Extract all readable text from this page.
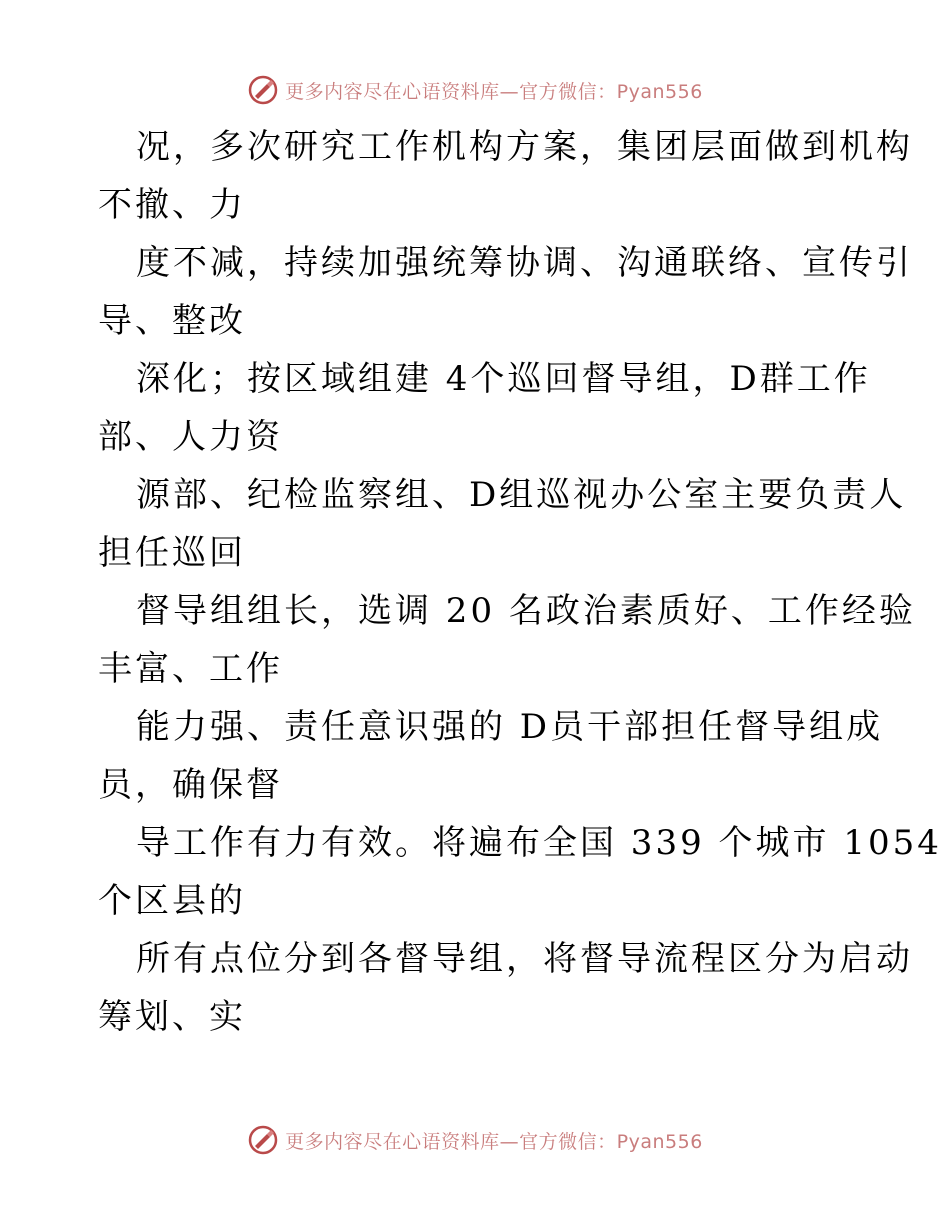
更多内容尽在心语资料库—官方微信：Pyan556
况，多次研究工作机构方案，集团层面做到机构
不撤、力
度不减，持续加强统筹协调、沟通联络、宣传引
导、整改
深化；按区域组建 4个巡回督导组，D群工作
部、人力资
源部、纪检监察组、D组巡视办公室主要负责人
担任巡回
督导组组长，选调 20 名政治素质好、工作经验
丰富、工作
能力强、责任意识强的 D员干部担任督导组成
员，确保督
导工作有力有效。将遍布全国 339 个城市 1054
个区县的
所有点位分到各督导组，将督导流程区分为启动
筹划、实
更多内容尽在心语资料库—官方微信：Pyan556
